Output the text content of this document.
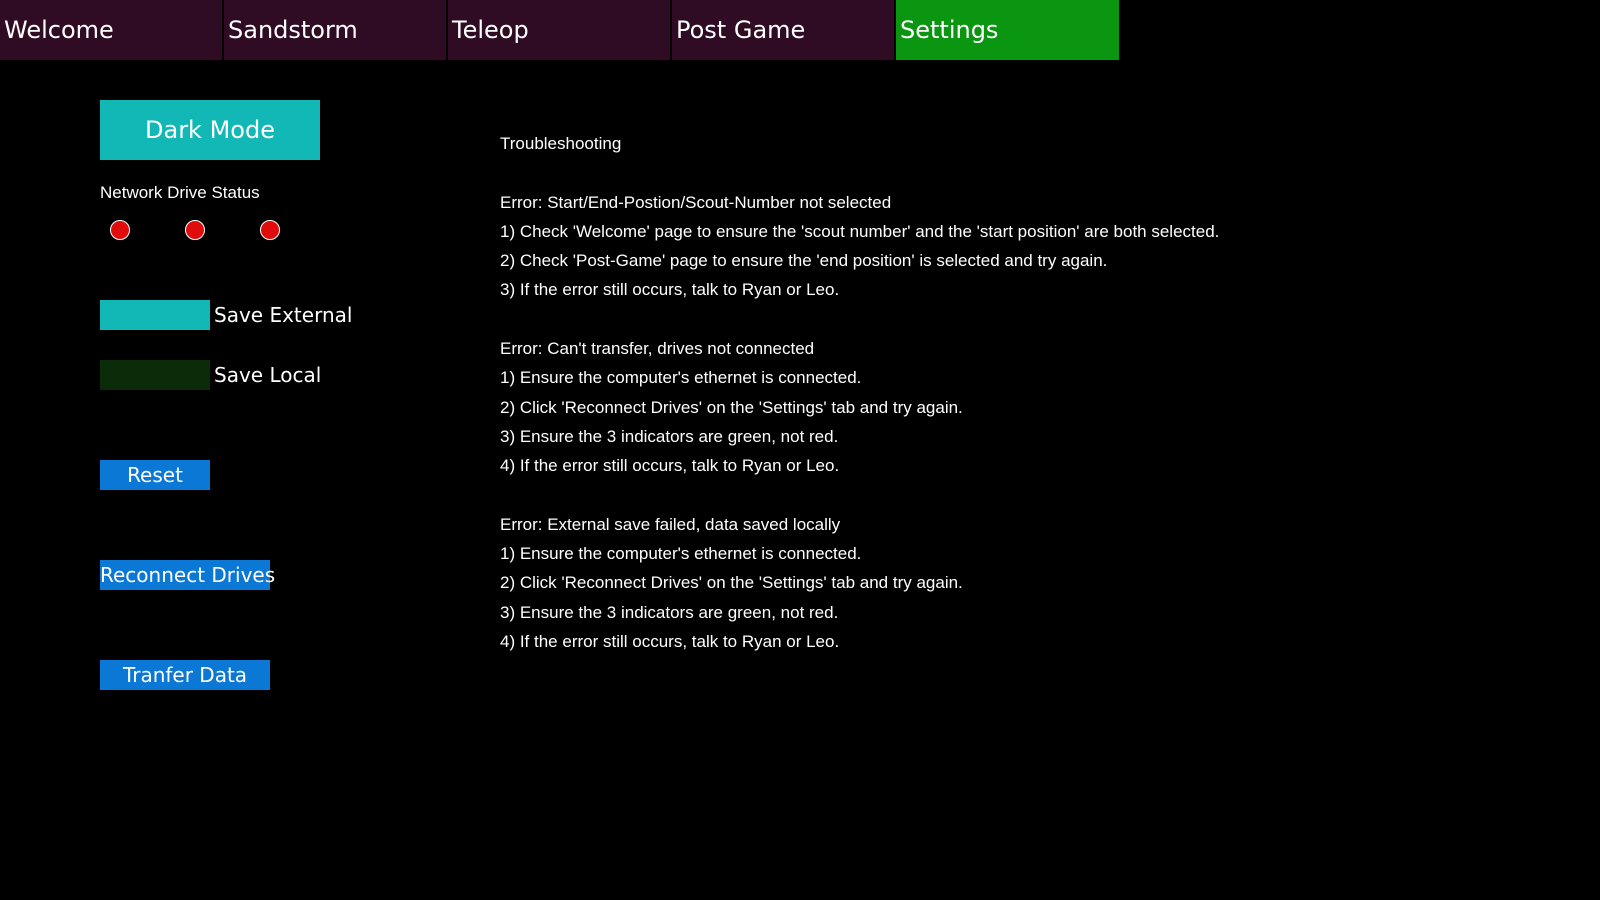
Welcome	Sandstorm	Teleop	Post Game	Settings
Dark Mode
Network Drive Status
Save External
Save Local
Reset
Reconnect Drives
Tranfer Data
Troubleshooting
Error: Start/End-Postion/Scout-Number not selected
1) Check 'Welcome' page to ensure the 'scout number' and the 'start position' are both selected.
2) Check 'Post-Game' page to ensure the 'end position' is selected and try again.
3) If the error still occurs, talk to Ryan or Leo.
Error: Can't transfer, drives not connected
1) Ensure the computer's ethernet is connected.
2) Click 'Reconnect Drives' on the 'Settings' tab and try again.
3) Ensure the 3 indicators are green, not red.
4) If the error still occurs, talk to Ryan or Leo.
Error: External save failed, data saved locally
1) Ensure the computer's ethernet is connected.
2) Click 'Reconnect Drives' on the 'Settings' tab and try again.
3) Ensure the 3 indicators are green, not red.
4) If the error still occurs, talk to Ryan or Leo.
